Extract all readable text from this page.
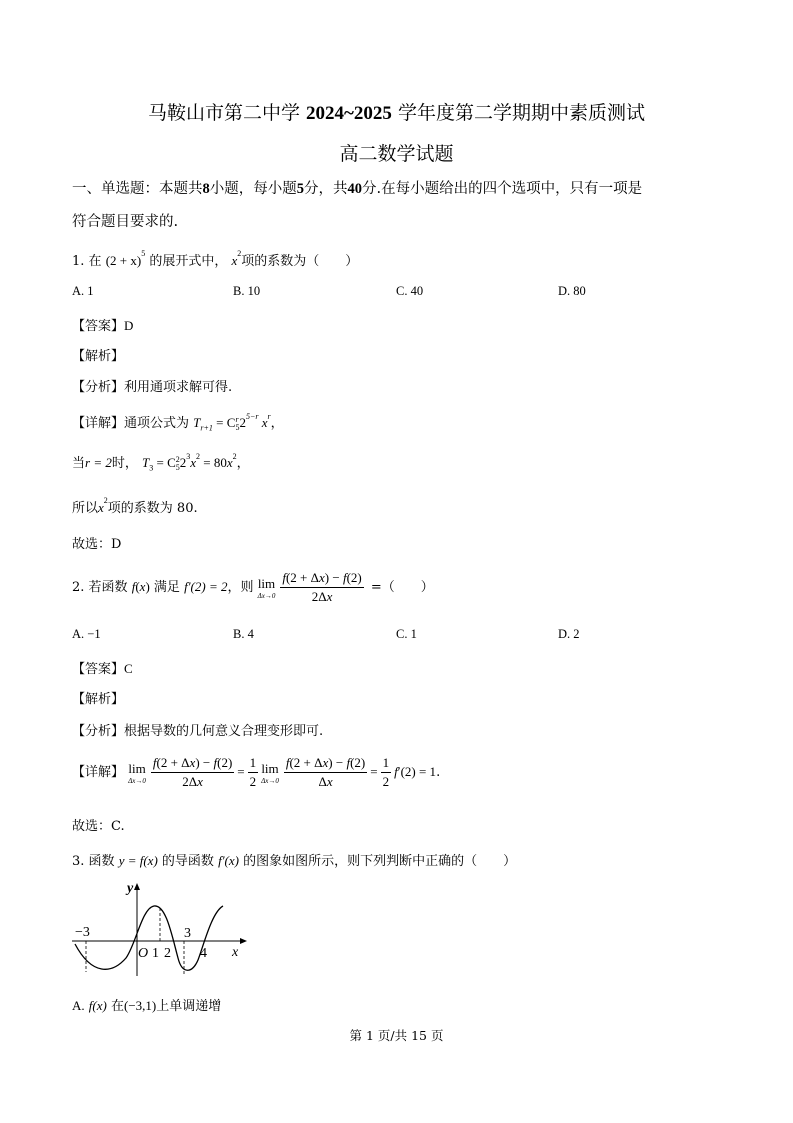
马鞍山市第二中学 2024~2025 学年度第二学期期中素质测试
高二数学试题
一、单选题：本题共8小题，每小题5分，共40分.在每小题给出的四个选项中，只有一项是
符合题目要求的.
1. 在 $(2 + x)^5$ 的展开式中， $x^2$项的系数为（　　）
A. 1	B. 10	C. 40	D. 80
【答案】D
【解析】
【分析】利用通项求解可得.
【详解】通项公式为 $T_{r+1} = C$ r
5 $2^{5-r}$ $x^r$，
当r = 2时， $T_3 = C$ 2
5 $2^3x^2 = 80x^2$，
所以$x^2$项的系数为 80.
故选：D
2. 若函数 f(x) 满足 f′(2) = 2，则 lim
$\Delta x\to 0 \frac{f(2 + \Delta x) - f(2)}{2\Delta x}$ =（　　）
A. −1	B. 4	C. 1	D. 2
【答案】C
【解析】
【分析】根据导数的几何意义合理变形即可.
【详解】 lim
$\Delta x\to 0 \frac{f(2 + \Delta x) - f(2)}{2\Delta x} = \frac{1}{2}$ lim
$\Delta x\to 0 \frac{f(2 + \Delta x) - f(2)}{\Delta x} = \frac{1}{2} f'(2) = 1$.
故选：C.
3. 函数 y = f(x) 的导函数 f′(x) 的图象如图所示，则下列判断中正确的（　　）
y
x
−3
O 1 2
3
4
A. f(x) 在(−3,1)上单调递增
第 1 页/共 15 页
